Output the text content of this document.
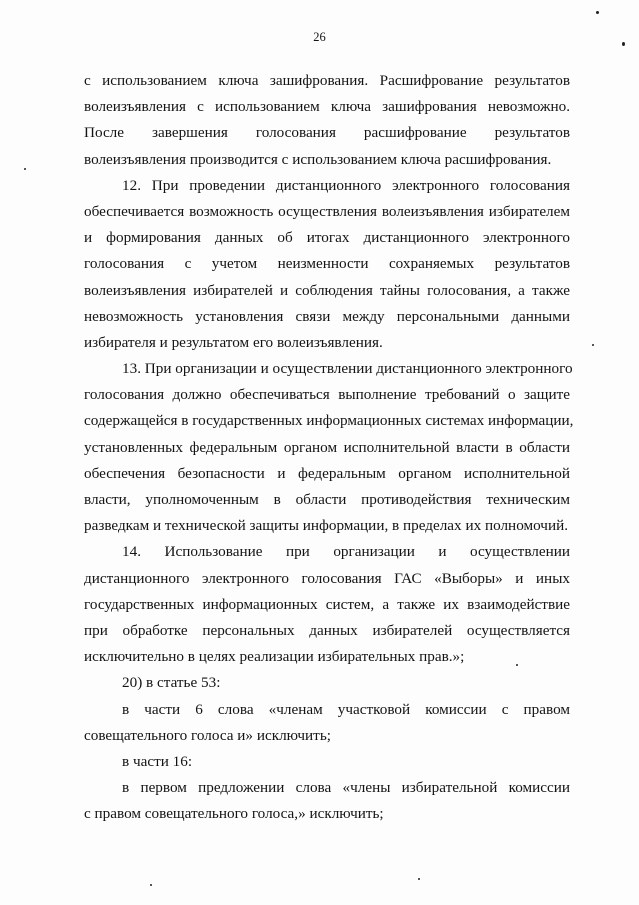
26
с использованием ключа зашифрования. Расшифрование результатов
волеизъявления с использованием ключа зашифрования невозможно.
После завершения голосования расшифрование результатов
волеизъявления производится с использованием ключа расшифрования.
12. При проведении дистанционного электронного голосования
обеспечивается возможность осуществления волеизъявления избирателем
и формирования данных об итогах дистанционного электронного
голосования с учетом неизменности сохраняемых результатов
волеизъявления избирателей и соблюдения тайны голосования, а также
невозможность установления связи между персональными данными
избирателя и результатом его волеизъявления.
13. При организации и осуществлении дистанционного электронного
голосования должно обеспечиваться выполнение требований о защите
содержащейся в государственных информационных системах информации,
установленных федеральным органом исполнительной власти в области
обеспечения безопасности и федеральным органом исполнительной
власти, уполномоченным в области противодействия техническим
разведкам и технической защиты информации, в пределах их полномочий.
14. Использование при организации и осуществлении
дистанционного электронного голосования ГАС «Выборы» и иных
государственных информационных систем, а также их взаимодействие
при обработке персональных данных избирателей осуществляется
исключительно в целях реализации избирательных прав.»;
20) в статье 53:
в части 6 слова «членам участковой комиссии с правом
совещательного голоса и» исключить;
в части 16:
в первом предложении слова «члены избирательной комиссии
с правом совещательного голоса,» исключить;
